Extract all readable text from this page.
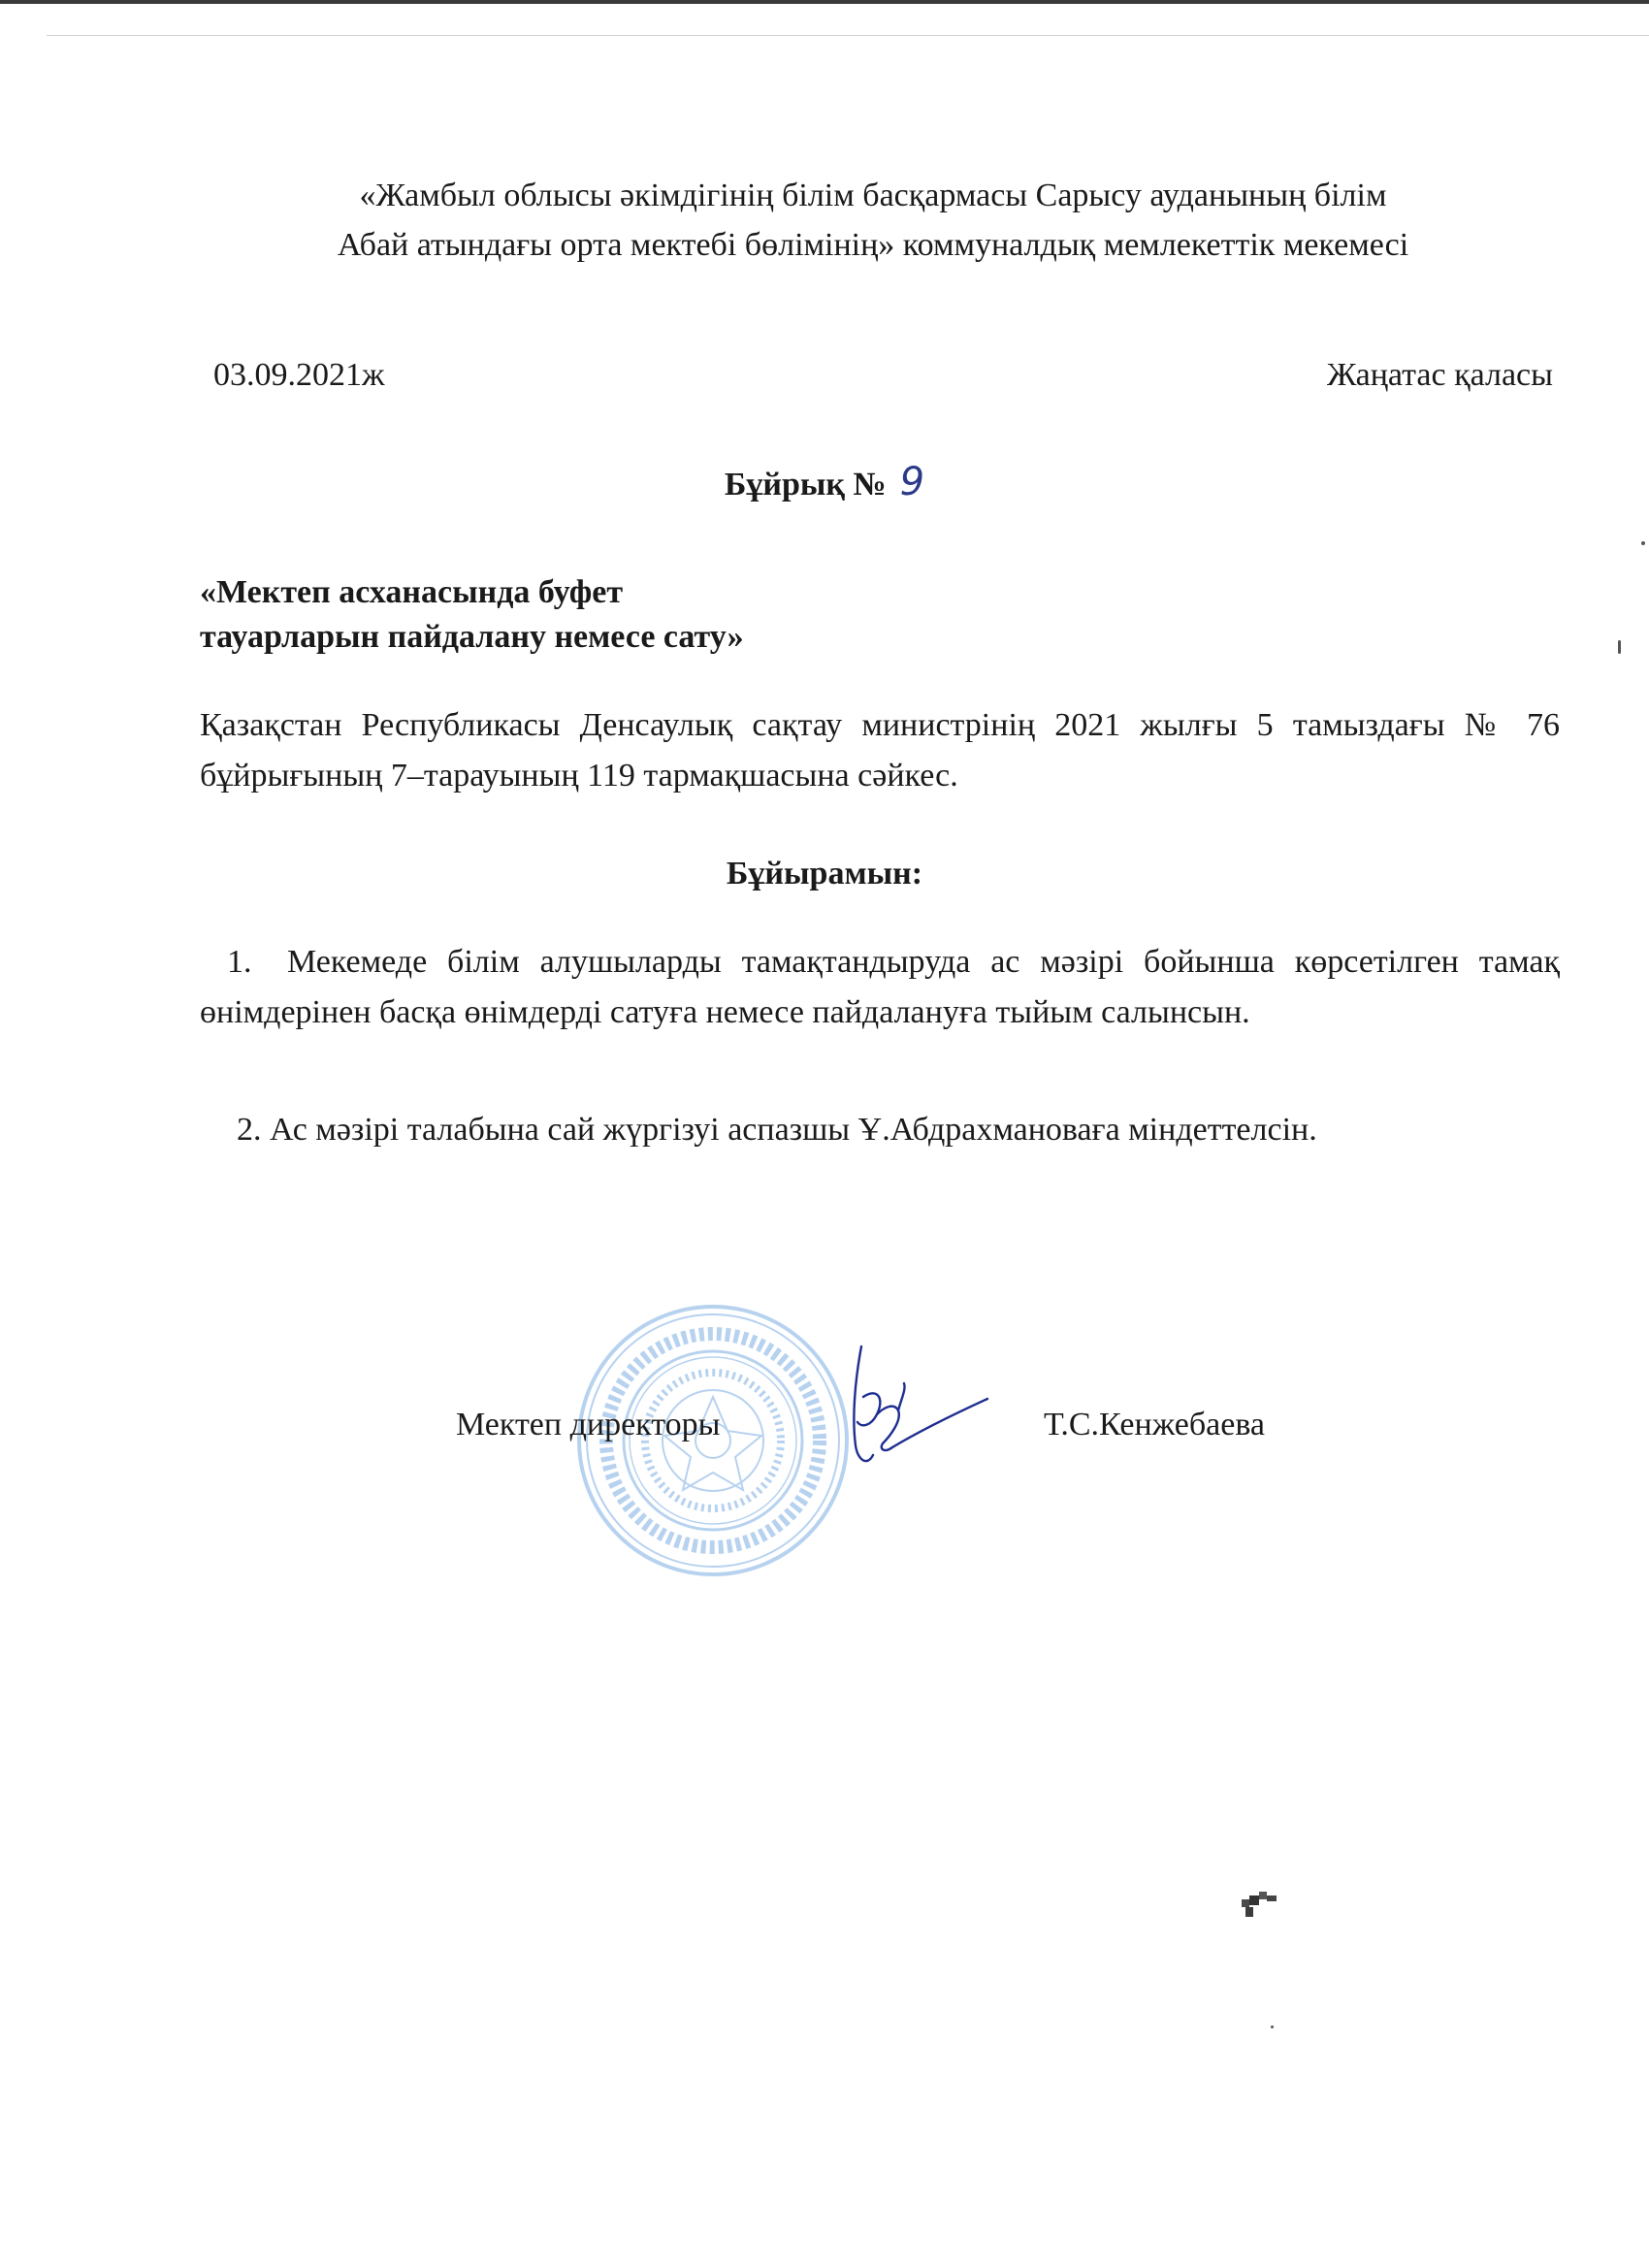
«Жамбыл облысы әкімдігінің білім басқармасы Сарысу ауданының білім
Абай атындағы орта мектебі бөлімінің» коммуналдық мемлекеттік мекемесі
03.09.2021ж	Жаңатас қаласы
Бұйрық № 9
«Мектеп асханасында буфет
тауарларын пайдалану немесе сату»
Қазақстан Республикасы Денсаулық сақтау министрінің 2021 жылғы 5 тамыздағы № 76 бұйрығының 7–тарауының 119 тармақшасына сәйкес.
Бұйырамын:
1. Мекемеде білім алушыларды тамақтандыруда ас мәзірі бойынша көрсетілген тамақ өнімдерінен басқа өнімдерді сатуға немесе пайдалануға тыйым салынсын.
2. Ас мәзірі талабына сай жүргізуі аспазшы Ұ.Абдрахмановаға міндеттелсін.
Мектеп директоры	Т.С.Кенжебаева
